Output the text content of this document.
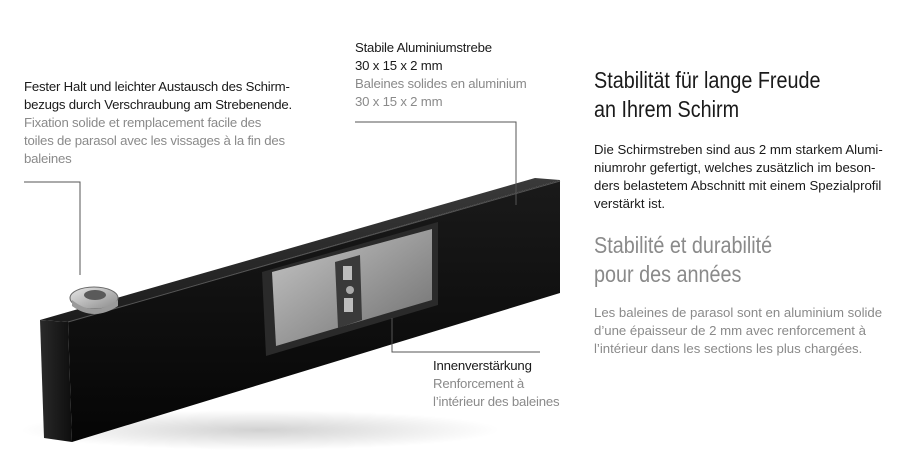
Fester Halt und leichter Austausch des Schirm-
bezugs durch Verschraubung am Strebenende.
Fixation solide et remplacement facile des
toiles de parasol avec les vissages à la fin des
baleines
Stabile Aluminiumstrebe
30 x 15 x 2 mm
Baleines solides en aluminium
30 x 15 x 2 mm
Innenverstärkung
Renforcement à
l’intérieur des baleines
Stabilität für lange Freude
an Ihrem Schirm

Die Schirmstreben sind aus 2 mm starkem Alumi-
niumrohr gefertigt, welches zusätzlich im beson-
ders belastetem Abschnitt mit einem Spezialprofil
verstärkt ist.

Stabilité et durabilité
pour des années

Les baleines de parasol sont en aluminium solide
d’une épaisseur de 2 mm avec renforcement à
l’intérieur dans les sections les plus chargées.
